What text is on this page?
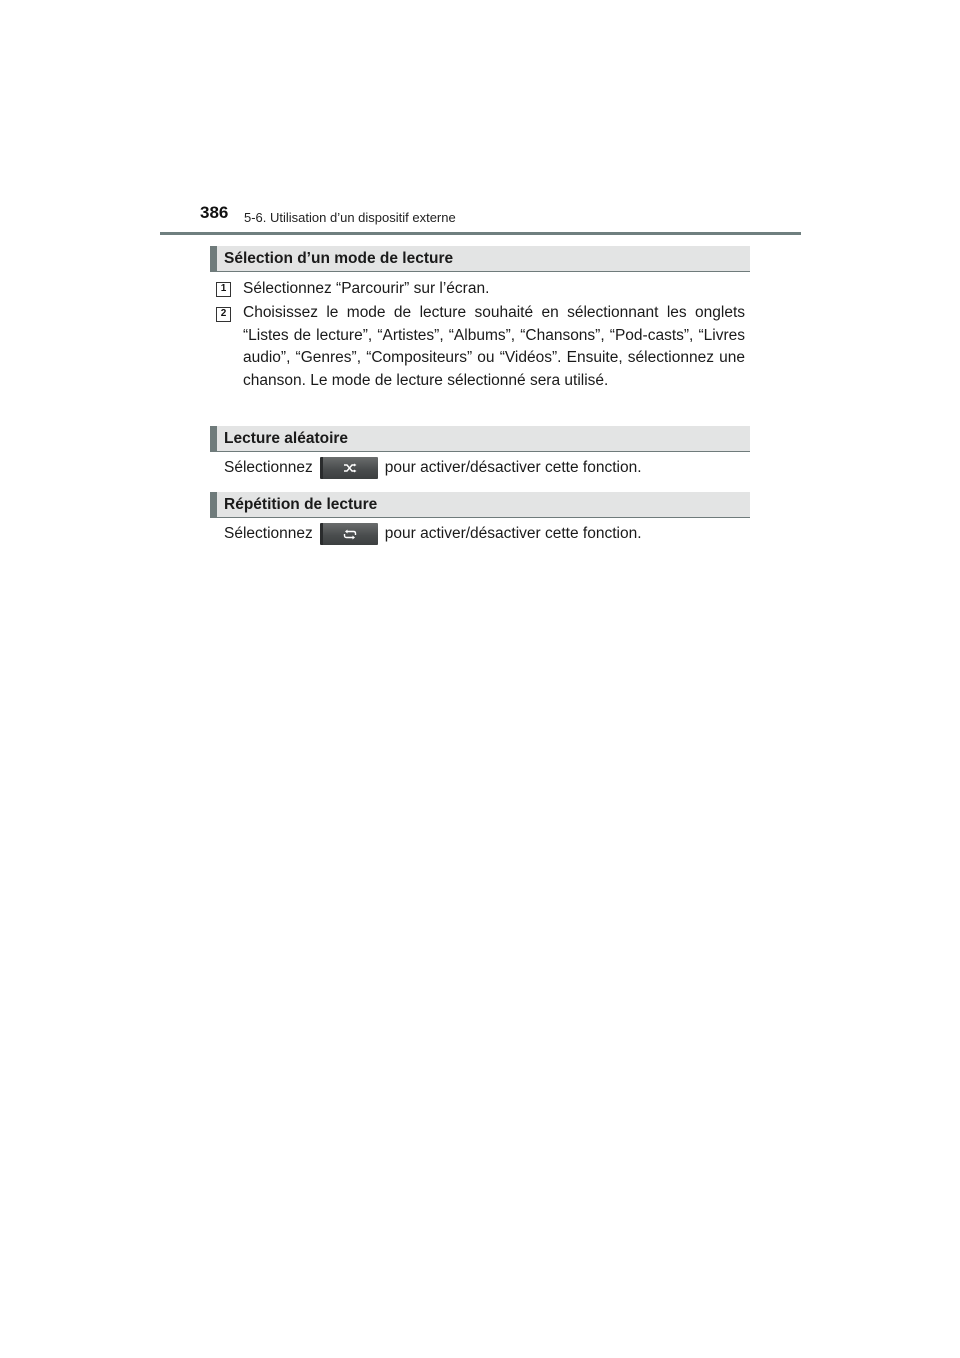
386 5-6. Utilisation d’un dispositif externe
Sélection d’un mode de lecture
1	Sélectionnez “Parcourir” sur l’écran.
2	Choisissez le mode de lecture souhaité en sélectionnant les onglets “Listes de lecture”, “Artistes”, “Albums”, “Chansons”, “Pod-casts”, “Livres audio”, “Genres”, “Compositeurs” ou “Vidéos”. Ensuite, sélectionnez une chanson. Le mode de lecture sélectionné sera utilisé.
Lecture aléatoire
Sélectionnez	pour activer/désactiver cette fonction.
Répétition de lecture
Sélectionnez	pour activer/désactiver cette fonction.
